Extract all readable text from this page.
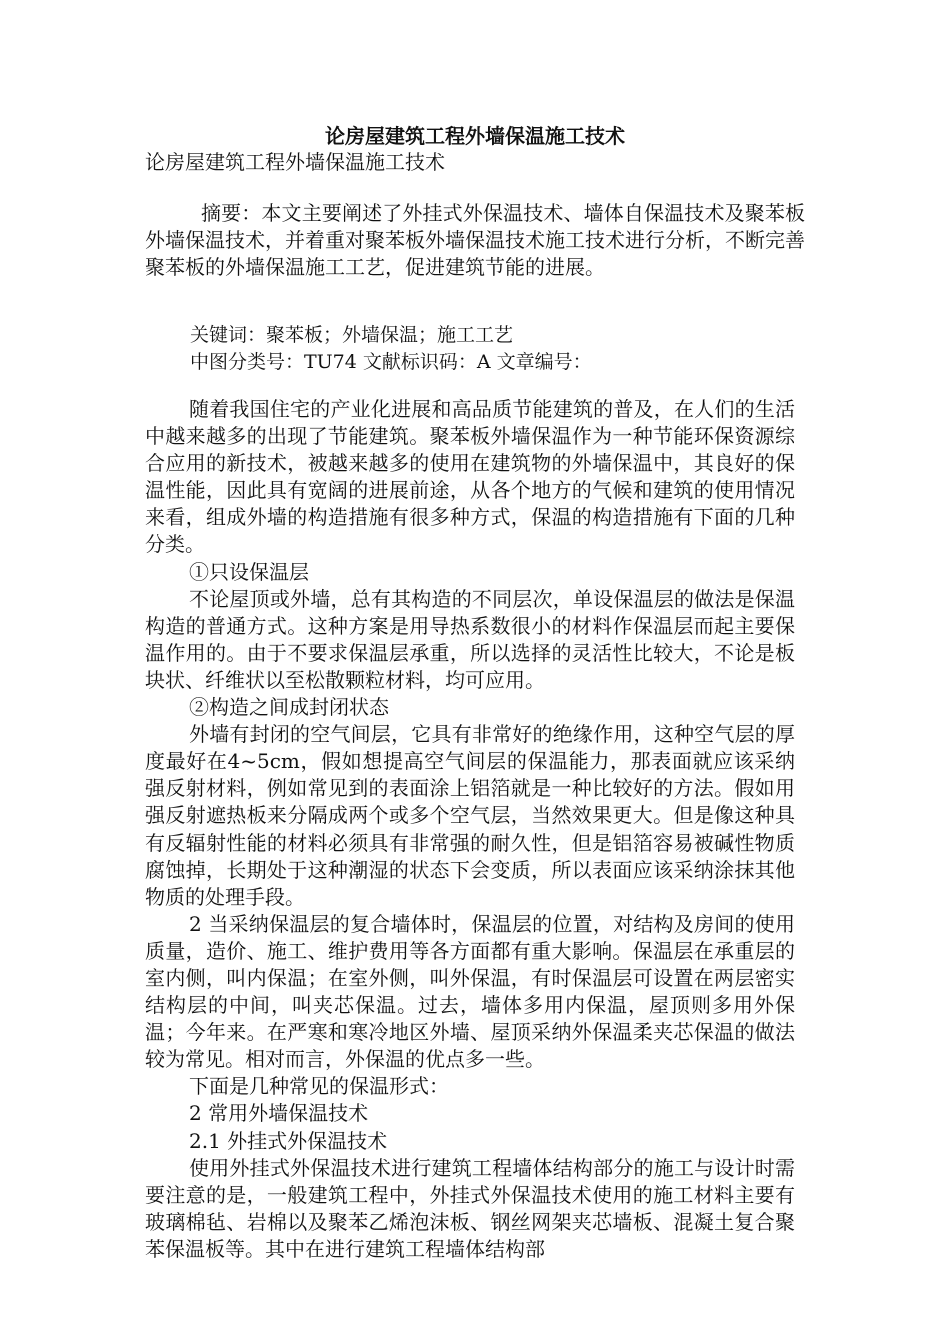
论房屋建筑工程外墙保温施工技术
论房屋建筑工程外墙保温施工技术

摘要：本文主要阐述了外挂式外保温技术、墙体自保温技术及聚苯板外墙保温技术，并着重对聚苯板外墙保温技术施工技术进行分析，不断完善聚苯板的外墙保温施工工艺，促进建筑节能的进展。

关键词：聚苯板；外墙保温；施工工艺
中图分类号：TU74 文献标识码：A 文章编号：

随着我国住宅的产业化进展和高品质节能建筑的普及，在人们的生活中越来越多的出现了节能建筑。聚苯板外墙保温作为一种节能环保资源综合应用的新技术，被越来越多的使用在建筑物的外墙保温中，其良好的保温性能，因此具有宽阔的进展前途，从各个地方的气候和建筑的使用情况来看，组成外墙的构造措施有很多种方式，保温的构造措施有下面的几种分类。

①只设保温层

不论屋顶或外墙，总有其构造的不同层次，单设保温层的做法是保温构造的普通方式。这种方案是用导热系数很小的材料作保温层而起主要保温作用的。由于不要求保温层承重，所以选择的灵活性比较大，不论是板块状、纤维状以至松散颗粒材料，均可应用。

②构造之间成封闭状态

外墙有封闭的空气间层，它具有非常好的绝缘作用，这种空气层的厚度最好在4~5cm，假如想提高空气间层的保温能力，那表面就应该采纳强反射材料，例如常见到的表面涂上铝箔就是一种比较好的方法。假如用强反射遮热板来分隔成两个或多个空气层，当然效果更大。但是像这种具有反辐射性能的材料必须具有非常强的耐久性，但是铝箔容易被碱性物质腐蚀掉，长期处于这种潮湿的状态下会变质，所以表面应该采纳涂抹其他物质的处理手段。

2 当采纳保温层的复合墙体时，保温层的位置，对结构及房间的使用质量，造价、施工、维护费用等各方面都有重大影响。保温层在承重层的室内侧，叫内保温；在室外侧，叫外保温，有时保温层可设置在两层密实结构层的中间，叫夹芯保温。过去，墙体多用内保温，屋顶则多用外保温；今年来。在严寒和寒冷地区外墙、屋顶采纳外保温柔夹芯保温的做法较为常见。相对而言，外保温的优点多一些。

下面是几种常见的保温形式：

2 常用外墙保温技术

2.1 外挂式外保温技术

使用外挂式外保温技术进行建筑工程墙体结构部分的施工与设计时需要注意的是，一般建筑工程中，外挂式外保温技术使用的施工材料主要有玻璃棉毡、岩棉以及聚苯乙烯泡沫板、钢丝网架夹芯墙板、混凝土复合聚苯保温板等。其中在进行建筑工程墙体结构部
